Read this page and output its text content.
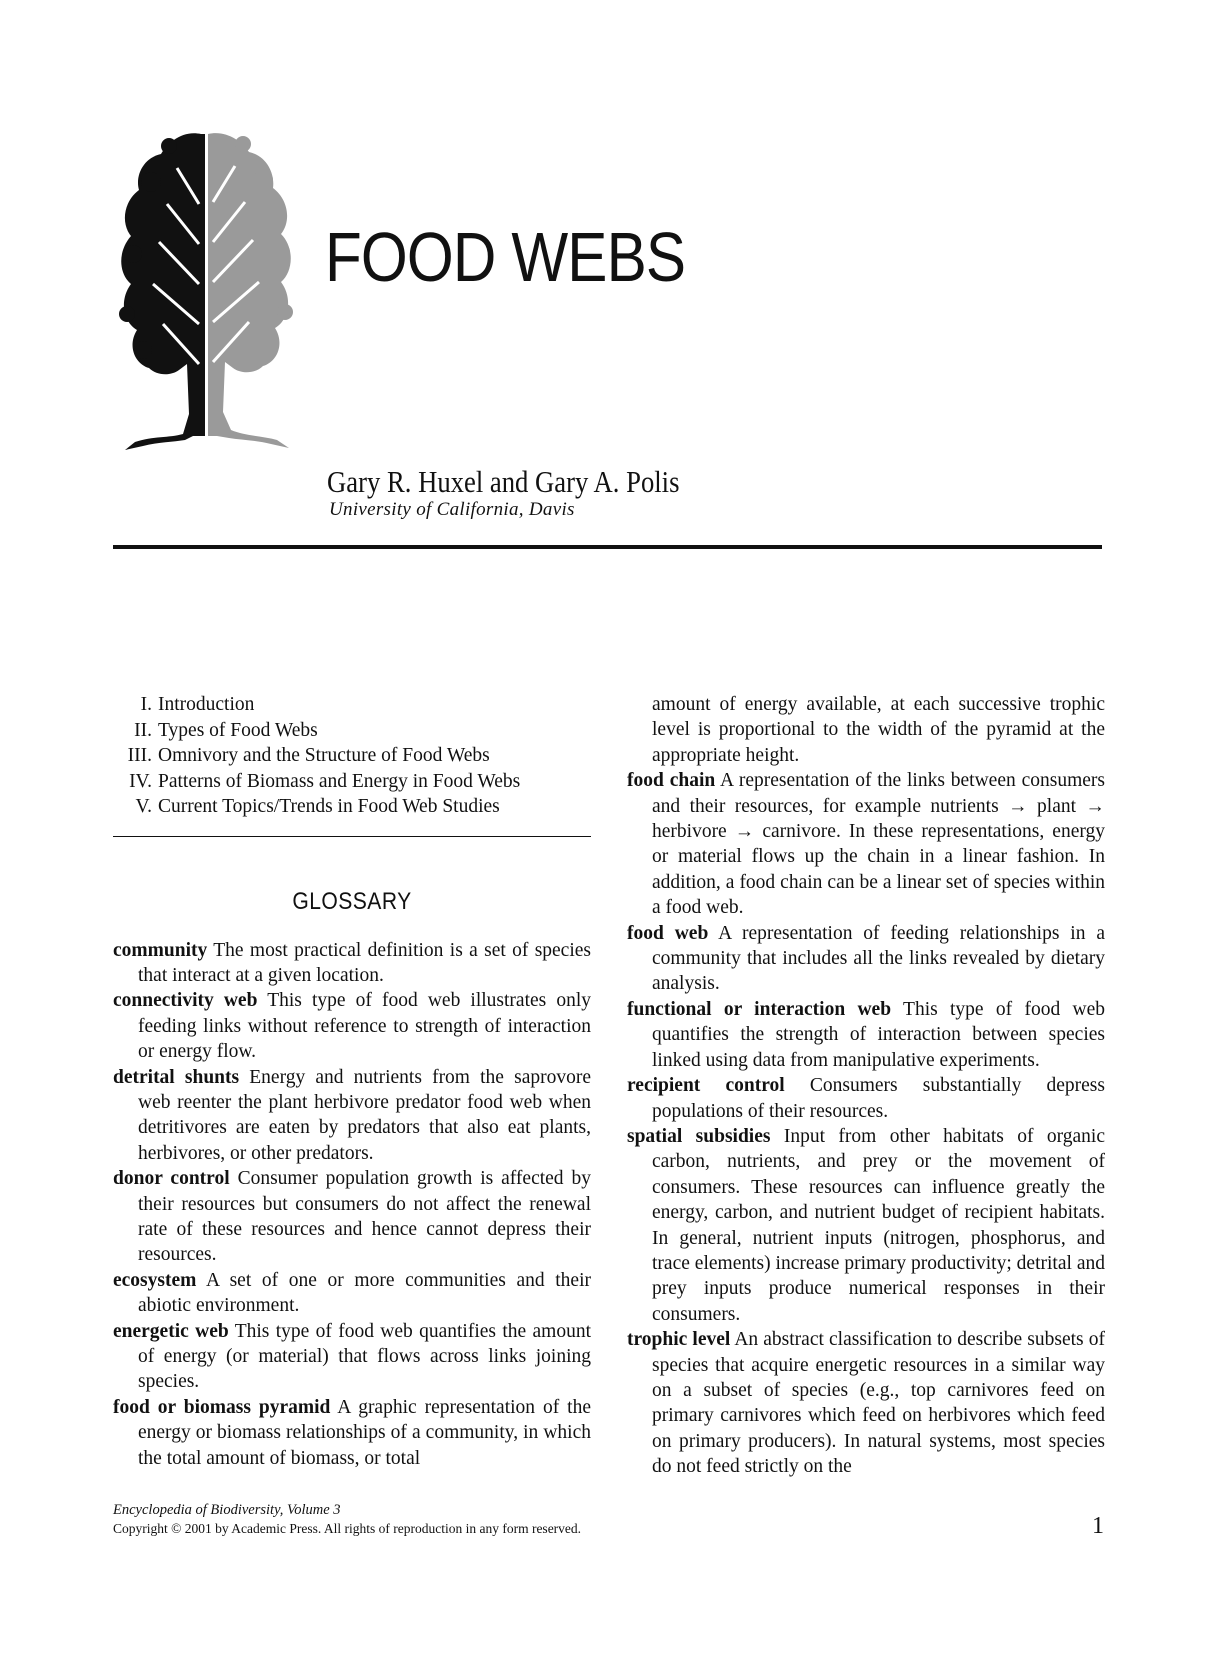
FOOD WEBS
Gary R. Huxel and Gary A. Polis

University of California, Davis

I. Introduction
II. Types of Food Webs
III. Omnivory and the Structure of Food Webs
IV. Patterns of Biomass and Energy in Food Webs
V. Current Topics/Trends in Food Web Studies
GLOSSARY

community The most practical definition is a set of species that interact at a given location.

connectivity web This type of food web illustrates only feeding links without reference to strength of interaction or energy flow.

detrital shunts Energy and nutrients from the saprovore web reenter the plant herbivore predator food web when detritivores are eaten by predators that also eat plants, herbivores, or other predators.

donor control Consumer population growth is affected by their resources but consumers do not affect the renewal rate of these resources and hence cannot depress their resources.

ecosystem A set of one or more communities and their abiotic environment.

energetic web This type of food web quantifies the amount of energy (or material) that flows across links joining species.

food or biomass pyramid A graphic representation of the energy or biomass relationships of a community, in which the total amount of biomass, or total

amount of energy available, at each successive trophic level is proportional to the width of the pyramid at the appropriate height.

food chain A representation of the links between consumers and their resources, for example nutrients → plant → herbivore → carnivore. In these representations, energy or material flows up the chain in a linear fashion. In addition, a food chain can be a linear set of species within a food web.

food web A representation of feeding relationships in a community that includes all the links revealed by dietary analysis.

functional or interaction web This type of food web quantifies the strength of interaction between species linked using data from manipulative experiments.

recipient control Consumers substantially depress populations of their resources.

spatial subsidies Input from other habitats of organic carbon, nutrients, and prey or the movement of consumers. These resources can influence greatly the energy, carbon, and nutrient budget of recipient habitats. In general, nutrient inputs (nitrogen, phosphorus, and trace elements) increase primary productivity; detrital and prey inputs produce numerical responses in their consumers.

trophic level An abstract classification to describe subsets of species that acquire energetic resources in a similar way on a subset of species (e.g., top carnivores feed on primary carnivores which feed on herbivores which feed on primary producers). In natural systems, most species do not feed strictly on the

Encyclopedia of Biodiversity, Volume 3
Copyright © 2001 by Academic Press. All rights of reproduction in any form reserved.	1
